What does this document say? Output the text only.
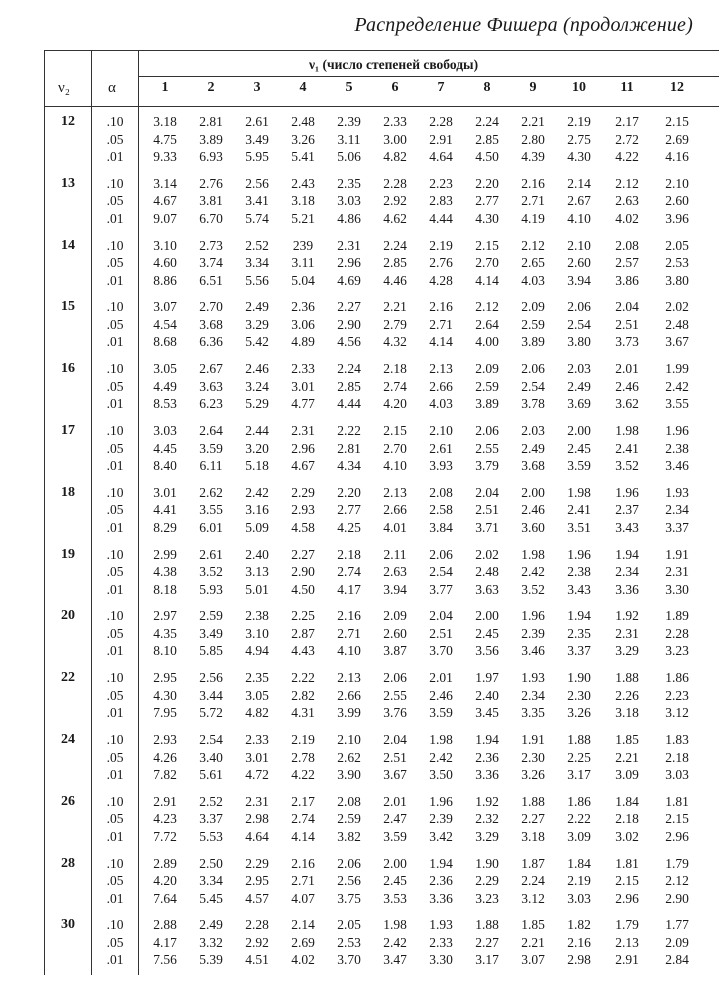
Распределение Фишера (продолжение)
ν₂	α
ν₁ (число степеней свободы)
1	2	3	4	5	6	7	8	9	10	11	12
12	.10	3.18	2.81	2.61	2.48	2.39	2.33	2.28	2.24	2.21	2.19	2.17	2.15
.05	4.75	3.89	3.49	3.26	3.11	3.00	2.91	2.85	2.80	2.75	2.72	2.69
.01	9.33	6.93	5.95	5.41	5.06	4.82	4.64	4.50	4.39	4.30	4.22	4.16
13	.10	3.14	2.76	2.56	2.43	2.35	2.28	2.23	2.20	2.16	2.14	2.12	2.10
.05	4.67	3.81	3.41	3.18	3.03	2.92	2.83	2.77	2.71	2.67	2.63	2.60
.01	9.07	6.70	5.74	5.21	4.86	4.62	4.44	4.30	4.19	4.10	4.02	3.96
14	.10	3.10	2.73	2.52	239	2.31	2.24	2.19	2.15	2.12	2.10	2.08	2.05
.05	4.60	3.74	3.34	3.11	2.96	2.85	2.76	2.70	2.65	2.60	2.57	2.53
.01	8.86	6.51	5.56	5.04	4.69	4.46	4.28	4.14	4.03	3.94	3.86	3.80
15	.10	3.07	2.70	2.49	2.36	2.27	2.21	2.16	2.12	2.09	2.06	2.04	2.02
.05	4.54	3.68	3.29	3.06	2.90	2.79	2.71	2.64	2.59	2.54	2.51	2.48
.01	8.68	6.36	5.42	4.89	4.56	4.32	4.14	4.00	3.89	3.80	3.73	3.67
16	.10	3.05	2.67	2.46	2.33	2.24	2.18	2.13	2.09	2.06	2.03	2.01	1.99
.05	4.49	3.63	3.24	3.01	2.85	2.74	2.66	2.59	2.54	2.49	2.46	2.42
.01	8.53	6.23	5.29	4.77	4.44	4.20	4.03	3.89	3.78	3.69	3.62	3.55
17	.10	3.03	2.64	2.44	2.31	2.22	2.15	2.10	2.06	2.03	2.00	1.98	1.96
.05	4.45	3.59	3.20	2.96	2.81	2.70	2.61	2.55	2.49	2.45	2.41	2.38
.01	8.40	6.11	5.18	4.67	4.34	4.10	3.93	3.79	3.68	3.59	3.52	3.46
18	.10	3.01	2.62	2.42	2.29	2.20	2.13	2.08	2.04	2.00	1.98	1.96	1.93
.05	4.41	3.55	3.16	2.93	2.77	2.66	2.58	2.51	2.46	2.41	2.37	2.34
.01	8.29	6.01	5.09	4.58	4.25	4.01	3.84	3.71	3.60	3.51	3.43	3.37
19	.10	2.99	2.61	2.40	2.27	2.18	2.11	2.06	2.02	1.98	1.96	1.94	1.91
.05	4.38	3.52	3.13	2.90	2.74	2.63	2.54	2.48	2.42	2.38	2.34	2.31
.01	8.18	5.93	5.01	4.50	4.17	3.94	3.77	3.63	3.52	3.43	3.36	3.30
20	.10	2.97	2.59	2.38	2.25	2.16	2.09	2.04	2.00	1.96	1.94	1.92	1.89
.05	4.35	3.49	3.10	2.87	2.71	2.60	2.51	2.45	2.39	2.35	2.31	2.28
.01	8.10	5.85	4.94	4.43	4.10	3.87	3.70	3.56	3.46	3.37	3.29	3.23
22	.10	2.95	2.56	2.35	2.22	2.13	2.06	2.01	1.97	1.93	1.90	1.88	1.86
.05	4.30	3.44	3.05	2.82	2.66	2.55	2.46	2.40	2.34	2.30	2.26	2.23
.01	7.95	5.72	4.82	4.31	3.99	3.76	3.59	3.45	3.35	3.26	3.18	3.12
24	.10	2.93	2.54	2.33	2.19	2.10	2.04	1.98	1.94	1.91	1.88	1.85	1.83
.05	4.26	3.40	3.01	2.78	2.62	2.51	2.42	2.36	2.30	2.25	2.21	2.18
.01	7.82	5.61	4.72	4.22	3.90	3.67	3.50	3.36	3.26	3.17	3.09	3.03
26	.10	2.91	2.52	2.31	2.17	2.08	2.01	1.96	1.92	1.88	1.86	1.84	1.81
.05	4.23	3.37	2.98	2.74	2.59	2.47	2.39	2.32	2.27	2.22	2.18	2.15
.01	7.72	5.53	4.64	4.14	3.82	3.59	3.42	3.29	3.18	3.09	3.02	2.96
28	.10	2.89	2.50	2.29	2.16	2.06	2.00	1.94	1.90	1.87	1.84	1.81	1.79
.05	4.20	3.34	2.95	2.71	2.56	2.45	2.36	2.29	2.24	2.19	2.15	2.12
.01	7.64	5.45	4.57	4.07	3.75	3.53	3.36	3.23	3.12	3.03	2.96	2.90
30	.10	2.88	2.49	2.28	2.14	2.05	1.98	1.93	1.88	1.85	1.82	1.79	1.77
.05	4.17	3.32	2.92	2.69	2.53	2.42	2.33	2.27	2.21	2.16	2.13	2.09
.01	7.56	5.39	4.51	4.02	3.70	3.47	3.30	3.17	3.07	2.98	2.91	2.84
